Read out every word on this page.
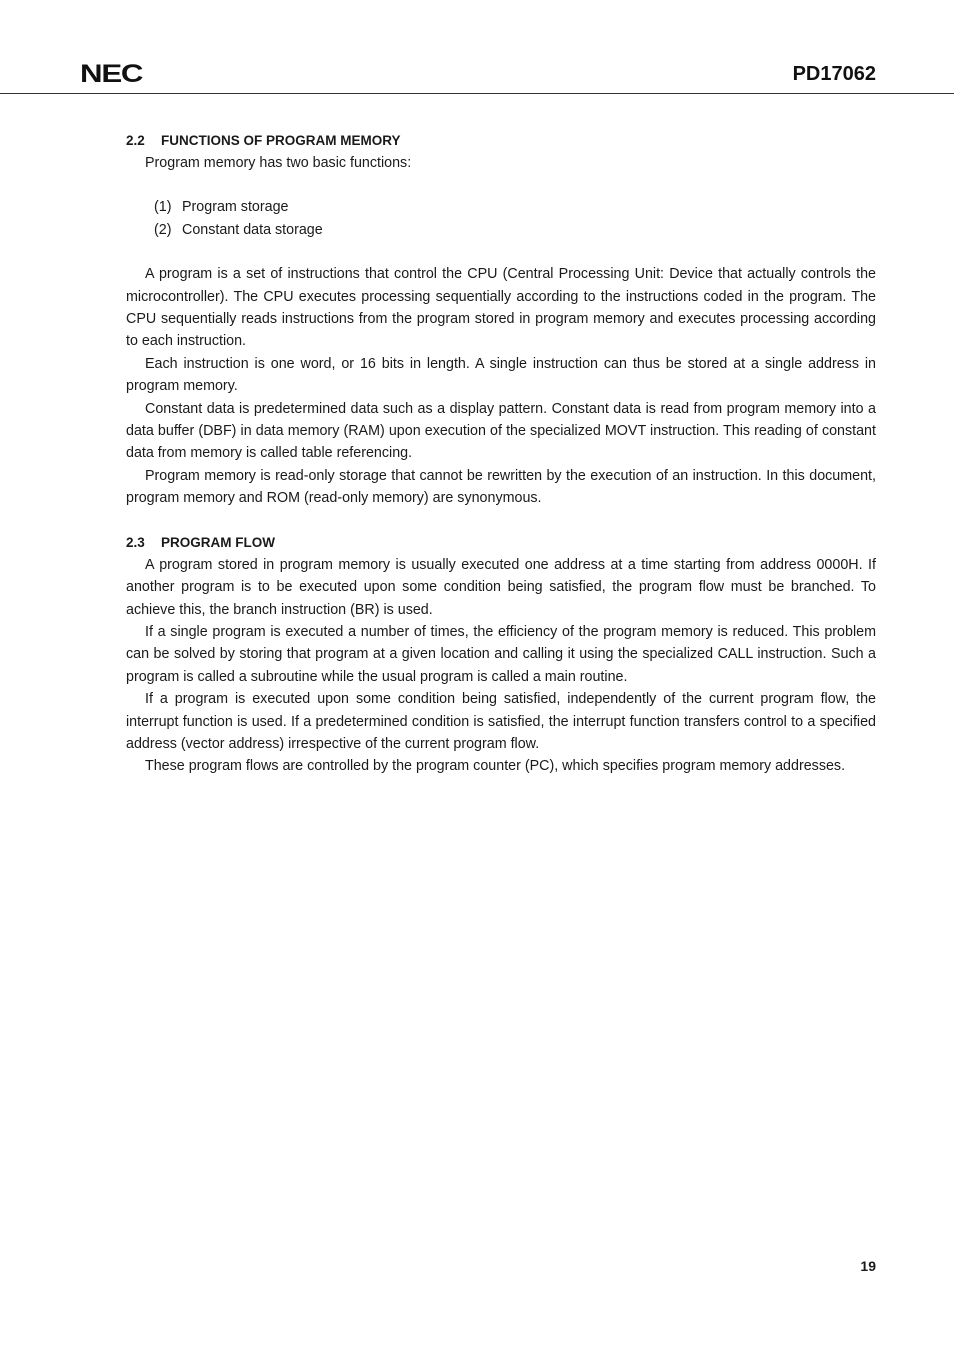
NEC	PD17062
2.2 FUNCTIONS OF PROGRAM MEMORY

Program memory has two basic functions:

(1) Program storage
(2) Constant data storage

A program is a set of instructions that control the CPU (Central Processing Unit: Device that actually controls the microcontroller). The CPU executes processing sequentially according to the instructions coded in the program. The CPU sequentially reads instructions from the program stored in program memory and executes processing according to each instruction.

Each instruction is one word, or 16 bits in length. A single instruction can thus be stored at a single address in program memory.

Constant data is predetermined data such as a display pattern. Constant data is read from program memory into a data buffer (DBF) in data memory (RAM) upon execution of the specialized MOVT instruction. This reading of constant data from memory is called table referencing.

Program memory is read-only storage that cannot be rewritten by the execution of an instruction. In this document, program memory and ROM (read-only memory) are synonymous.

2.3 PROGRAM FLOW

A program stored in program memory is usually executed one address at a time starting from address 0000H. If another program is to be executed upon some condition being satisfied, the program flow must be branched. To achieve this, the branch instruction (BR) is used.

If a single program is executed a number of times, the efficiency of the program memory is reduced. This problem can be solved by storing that program at a given location and calling it using the specialized CALL instruction. Such a program is called a subroutine while the usual program is called a main routine.

If a program is executed upon some condition being satisfied, independently of the current program flow, the interrupt function is used. If a predetermined condition is satisfied, the interrupt function transfers control to a specified address (vector address) irrespective of the current program flow.

These program flows are controlled by the program counter (PC), which specifies program memory addresses.

19
